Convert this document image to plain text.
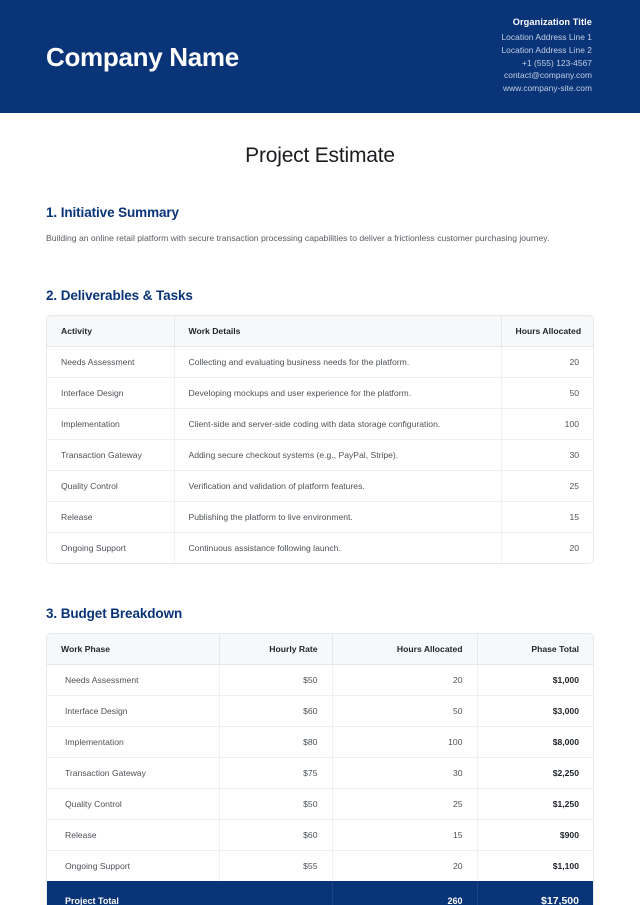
Company Name
Organization Title
Location Address Line 1
Location Address Line 2
+1 (555) 123-4567
contact@company.com
www.company-site.com
Project Estimate
1. Initiative Summary

Building an online retail platform with secure transaction processing capabilities to deliver a frictionless customer purchasing journey.

2. Deliverables & Tasks
Activity	Work Details	Hours Allocated
Needs Assessment	Collecting and evaluating business needs for the platform.	20
Interface Design	Developing mockups and user experience for the platform.	50
Implementation	Client-side and server-side coding with data storage configuration.	100
Transaction Gateway	Adding secure checkout systems (e.g., PayPal, Stripe).	30
Quality Control	Verification and validation of platform features.	25
Release	Publishing the platform to live environment.	15
Ongoing Support	Continuous assistance following launch.	20
3. Budget Breakdown
Work Phase	Hourly Rate	Hours Allocated	Phase Total
Needs Assessment	$50	20	$1,000
Interface Design	$60	50	$3,000
Implementation	$80	100	$8,000
Transaction Gateway	$75	30	$2,250
Quality Control	$50	25	$1,250
Release	$60	15	$900
Ongoing Support	$55	20	$1,100
Project Total		260	$17,500
